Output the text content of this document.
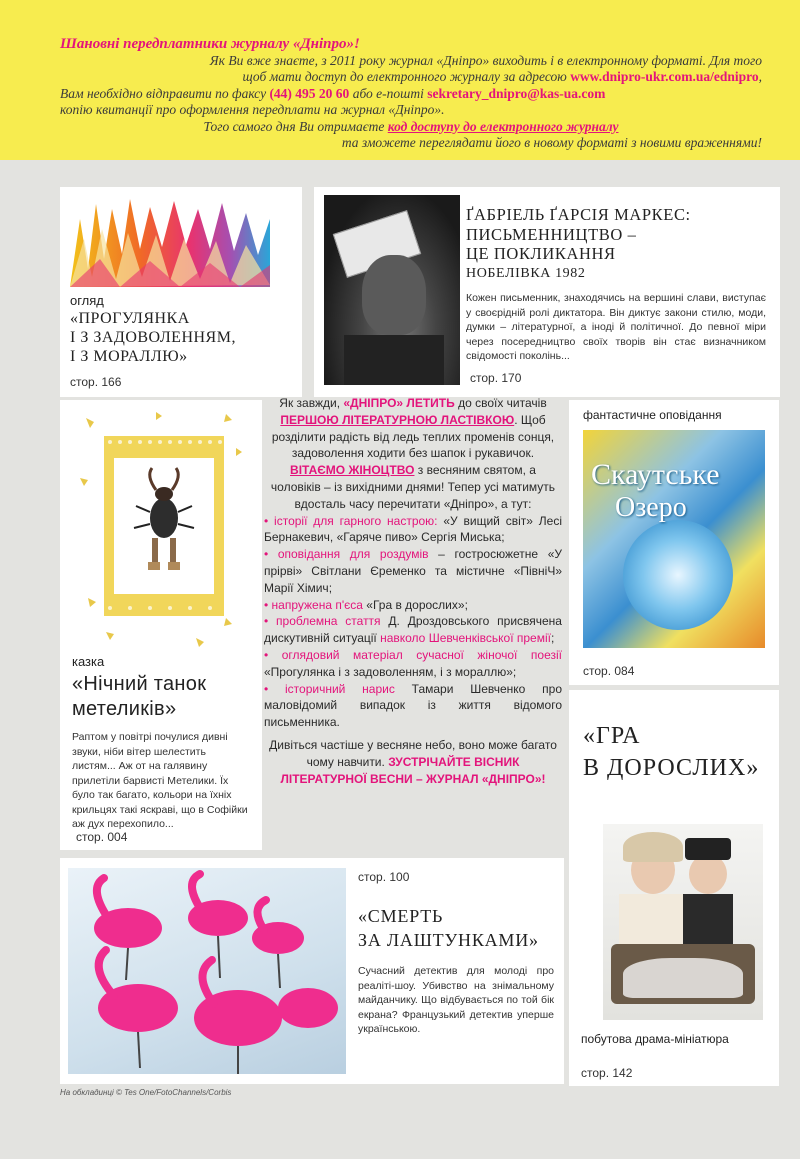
Шановні передплатники журналу «Дніпро»!

Як Ви вже знаєте, з 2011 року журнал «Дніпро» виходить і в електронному форматі. Для того

щоб мати доступ до електронного журналу за адресою www.dnipro-ukr.com.ua/ednipro,

Вам необхідно відправити по факсу (44) 495 20 60 або e-пошті sekretary_dnipro@kas-ua.com

копію квитанції про оформлення передплати на журнал «Дніпро».

Того самого дня Ви отримаєте код доступу до електронного журналу

та зможете переглядати його в новому форматі з новими враженнями!

огляд
«ПРОГУЛЯНКА
І З ЗАДОВОЛЕННЯМ,
І З МОРАЛЛЮ»
стор. 166
ҐАБРІЕЛЬ ҐАРСІЯ МАРКЕС:
ПИСЬМЕННИЦТВО –
ЦЕ ПОКЛИКАННЯ
НОБЕЛІВКА 1982
Кожен письменник, знаходячись на вершині слави, виступає у своєрідній ролі диктатора. Він диктує закони стилю, моди, думки – літературної, а іноді й політичної. До певної міри через посередництво своїх творів він стає визначником свідомості поколінь...
стор. 170
казка
«Нічний танок
метеликів»
Раптом у повітрі почулися дивні звуки, ніби вітер шелестить листям... Аж от на галявину прилетіли барвисті Метелики. Їх було так багато, кольори на їхніх крильцях такі яскраві, що в Софійки аж дух перехопило...
стор. 004

Як завжди, «ДНІПРО» ЛЕТИТЬ до своїх читачів ПЕРШОЮ ЛІТЕРАТУРНОЮ ЛАСТІВКОЮ. Щоб розділити радість від ледь теплих променів сонця, задоволення ходити без шапок і рукавичок.

ВІТАЄМО ЖІНОЦТВО з весняним святом, а чоловіків – із вихідними днями! Тепер усі матимуть вдосталь часу перечитати «Дніпро», а тут:

• історії для гарного настрою: «У вищий світ» Лесі Бернакевич, «Гаряче пиво» Сергія Миська;

• оповідання для роздумів – гостросюжетне «У прірві» Світлани Єременко та містичне «ПівніЧ» Марії Хімич;

• напружена п'єса «Гра в дорослих»;

• проблемна стаття Д. Дроздовського присвячена дискутивній ситуації навколо Шевченківської премії;

• оглядовий матеріал сучасної жіночої поезії «Прогулянка і з задоволенням, і з мораллю»;

• історичний нарис Тамари Шевченко про маловідомий випадок із життя відомого письменника.

Дивіться частіше у весняне небо, воно може багато чому навчити. ЗУСТРІЧАЙТЕ ВІСНИК ЛІТЕРАТУРНОЇ ВЕСНИ – ЖУРНАЛ «ДНІПРО»!

фантастичне оповідання
Скаутське
Озеро
стор. 084
«ГРА
В ДОРОСЛИХ»
побутова драма-мініатюра
стор. 142
стор. 100
«СМЕРТЬ
ЗА ЛАШТУНКАМИ»
Сучасний детектив для молоді про реаліті-шоу. Убивство на знімальному майданчику. Що відбувається по той бік екрана? Французький детектив уперше українською.
На обкладинці © Tes One/FotoChannels/Corbis
